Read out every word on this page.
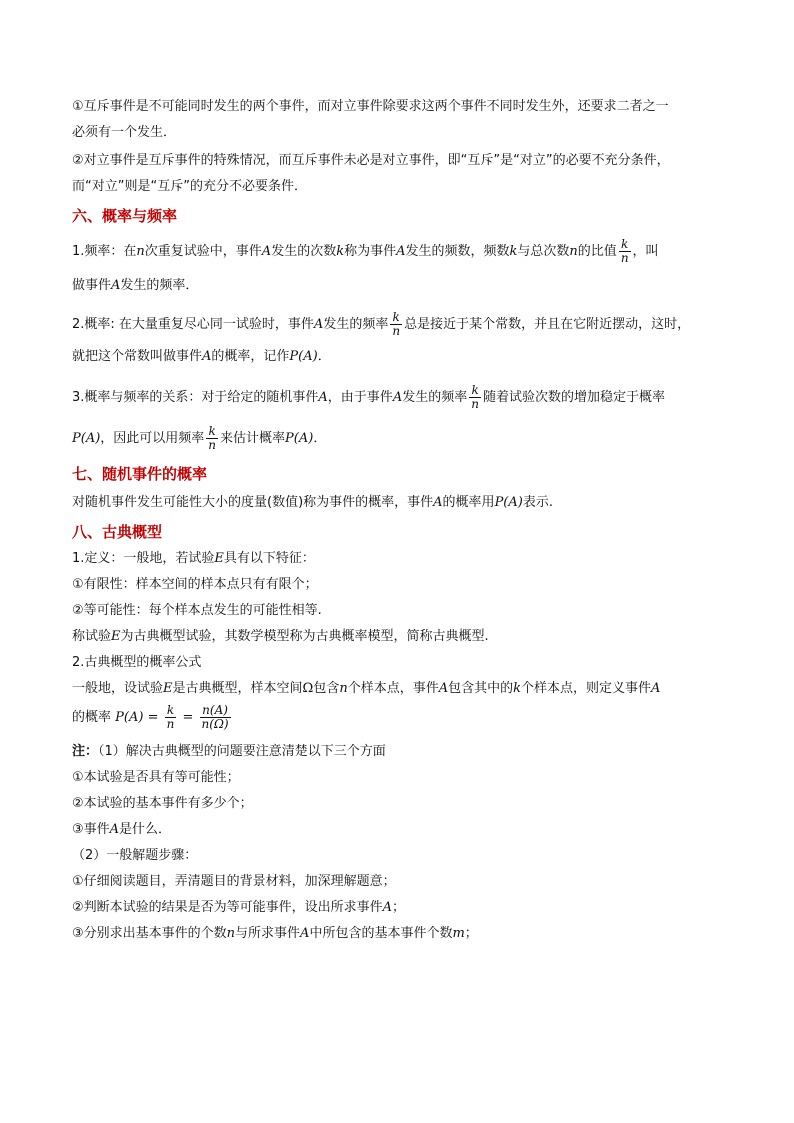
①互斥事件是不可能同时发生的两个事件，而对立事件除要求这两个事件不同时发生外，还要求二者之一

必须有一个发生．

②对立事件是互斥事件的特殊情况，而互斥事件未必是对立事件，即“互斥”是“对立”的必要不充分条件，

而“对立”则是“互斥”的充分不必要条件．

六、概率与频率

1.频率：在n次重复试验中，事件A发生的次数k称为事件A发生的频数，频数k与总次数n的比值 $\frac{k}{n}$ ，叫

做事件A发生的频率．

2.概率: 在大量重复尽心同一试验时，事件A发生的频率 $\frac{k}{n}$ 总是接近于某个常数，并且在它附近摆动，这时，

就把这个常数叫做事件A的概率，记作P(A)．

3.概率与频率的关系：对于给定的随机事件A，由于事件A发生的频率 $\frac{k}{n}$ 随着试验次数的增加稳定于概率

P(A)，因此可以用频率 $\frac{k}{n}$ 来估计概率P(A)．

七、随机事件的概率

对随机事件发生可能性大小的度量(数值)称为事件的概率，事件A的概率用P(A)表示.

八、古典概型

1.定义：一般地，若试验E具有以下特征：

①有限性：样本空间的样本点只有有限个；

②等可能性：每个样本点发生的可能性相等.

称试验E为古典概型试验，其数学模型称为古典概率模型，简称古典概型.

2.古典概型的概率公式

一般地，设试验E是古典概型，样本空间Ω包含n个样本点，事件A包含其中的k个样本点，则定义事件A

的概率 $P(A) = \frac{k}{n} = \frac{n(A)}{n(\Omega)}$

注：（1）解决古典概型的问题要注意清楚以下三个方面

①本试验是否具有等可能性；

②本试验的基本事件有多少个；

③事件A是什么．

（2）一般解题步骤：

①仔细阅读题目，弄清题目的背景材料，加深理解题意；

②判断本试验的结果是否为等可能事件，设出所求事件A；

③分别求出基本事件的个数n与所求事件A中所包含的基本事件个数m；
